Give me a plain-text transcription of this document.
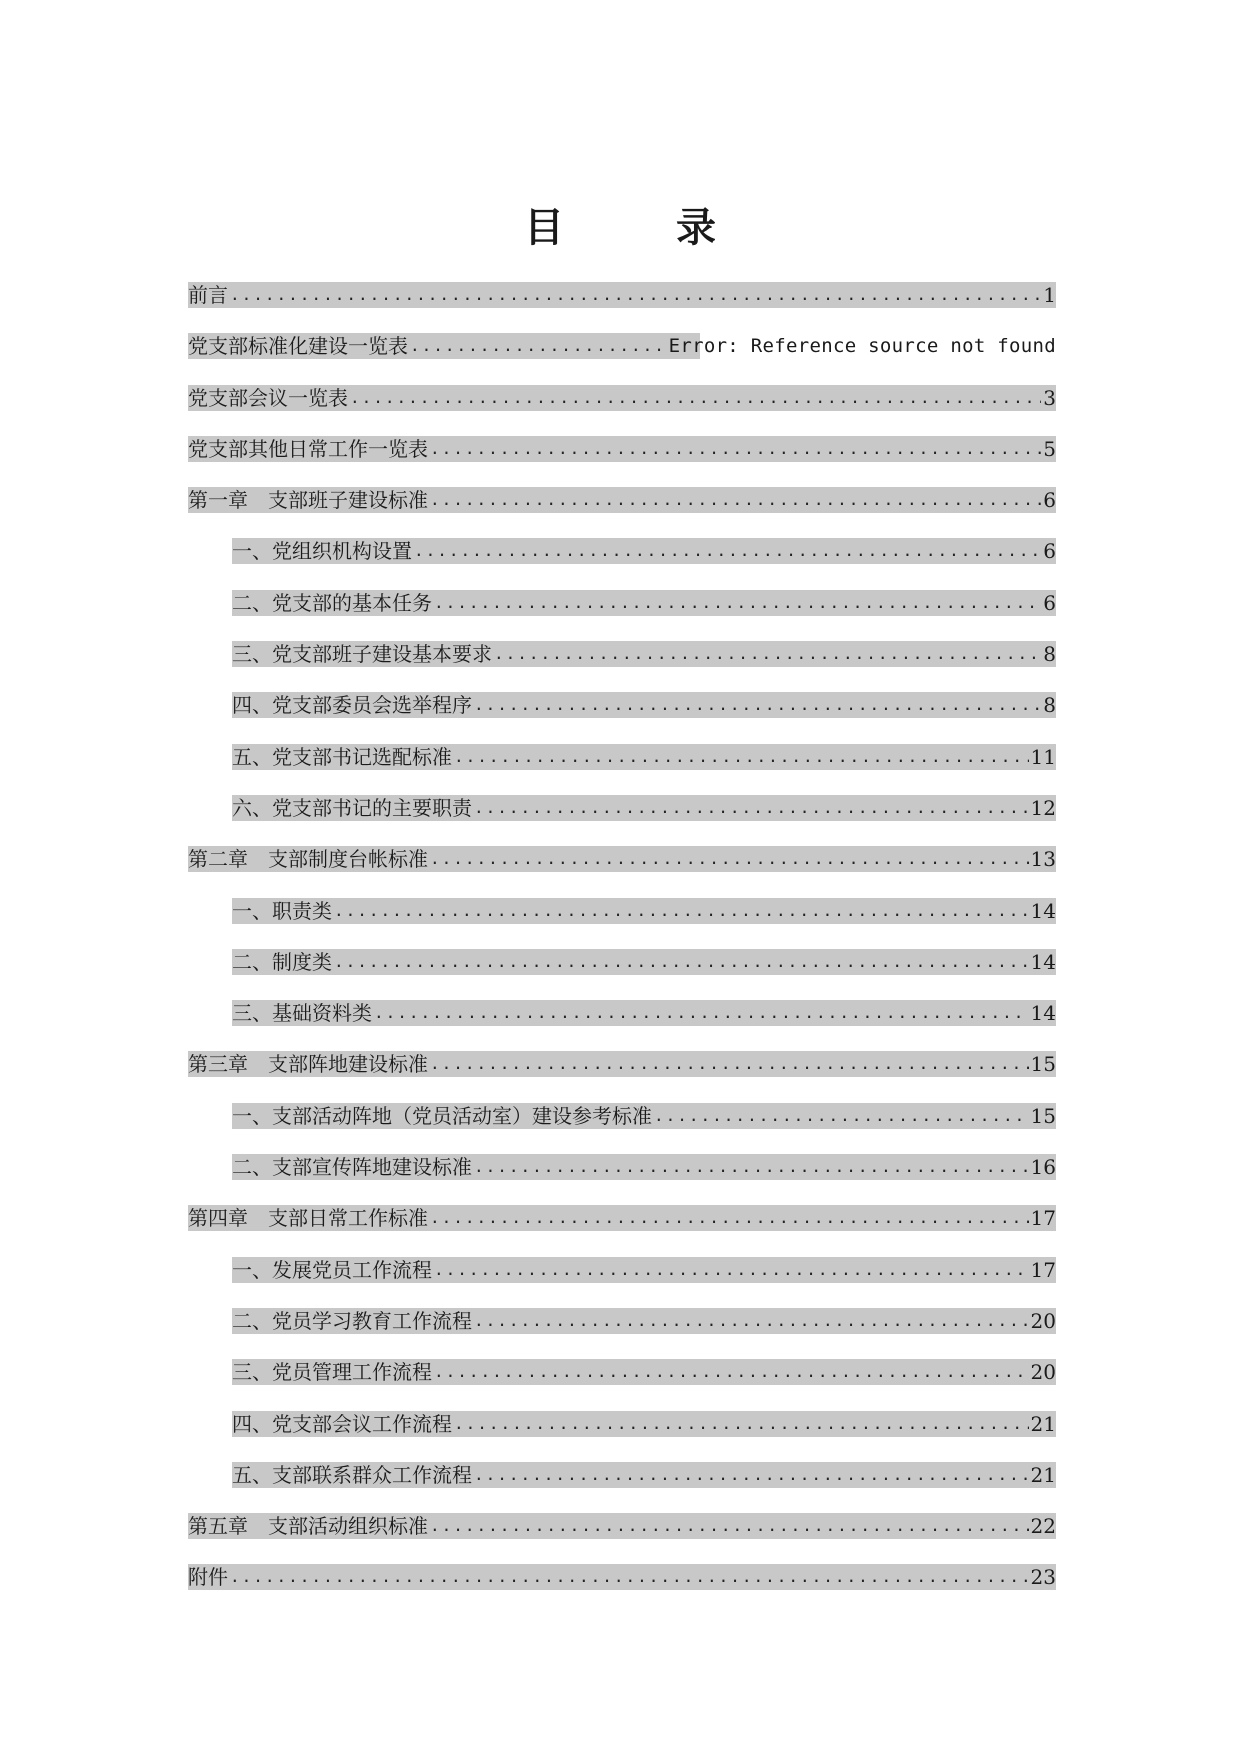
目　录
前言 .....	1
党支部标准化建设一览表 .....	Error: Reference source not found
党支部会议一览表 .....	3
党支部其他日常工作一览表 .....	5
第一章　支部班子建设标准 .....	6
一、党组织机构设置 .....	6
二、党支部的基本任务 .....	6
三、党支部班子建设基本要求 .....	8
四、党支部委员会选举程序 .....	8
五、党支部书记选配标准 .....	11
六、党支部书记的主要职责 .....	12
第二章　支部制度台帐标准 .....	13
一、职责类 .....	14
二、制度类 .....	14
三、基础资料类 .....	14
第三章　支部阵地建设标准 .....	15
一、支部活动阵地（党员活动室）建设参考标准 .....	15
二、支部宣传阵地建设标准 .....	16
第四章　支部日常工作标准 .....	17
一、发展党员工作流程 .....	17
二、党员学习教育工作流程 .....	20
三、党员管理工作流程 .....	20
四、党支部会议工作流程 .....	21
五、支部联系群众工作流程 .....	21
第五章　支部活动组织标准 .....	22
附件 .....	23
